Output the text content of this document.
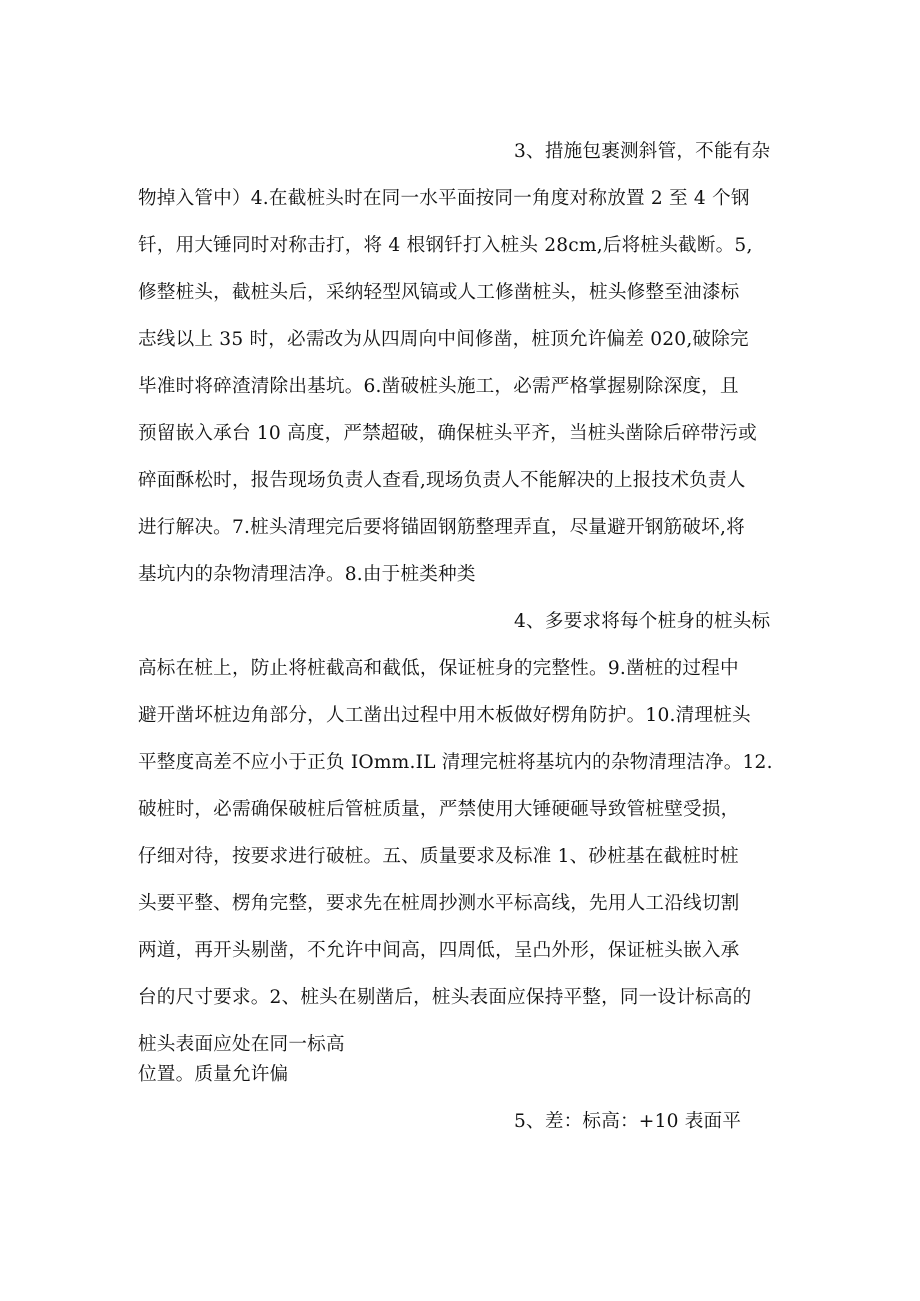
3、措施包裹测斜管，不能有杂
物掉入管中）4.在截桩头时在同一水平面按同一角度对称放置 2 至 4 个钢
钎，用大锤同时对称击打，将 4 根钢钎打入桩头 28cm,后将桩头截断。5,
修整桩头，截桩头后，采纳轻型风镐或人工修凿桩头，桩头修整至油漆标
志线以上 35 时，必需改为从四周向中间修凿，桩顶允许偏差 020,破除完
毕准时将碎渣清除出基坑。6.凿破桩头施工，必需严格掌握剔除深度，且
预留嵌入承台 10 高度，严禁超破，确保桩头平齐，当桩头凿除后碎带污或
碎面酥松时，报告现场负责人查看,现场负责人不能解决的上报技术负责人
进行解决。7.桩头清理完后要将锚固钢筋整理弄直，尽量避开钢筋破坏,将
基坑内的杂物清理洁净。8.由于桩类种类
4、多要求将每个桩身的桩头标
高标在桩上，防止将桩截高和截低，保证桩身的完整性。9.凿桩的过程中
避开凿坏桩边角部分，人工凿出过程中用木板做好楞角防护。10.清理桩头
平整度高差不应小于正负 IOmm.IL 清理完桩将基坑内的杂物清理洁净。12.
破桩时，必需确保破桩后管桩质量，严禁使用大锤硬砸导致管桩壁受损，
仔细对待，按要求进行破桩。五、质量要求及标准 1、砂桩基在截桩时桩
头要平整、楞角完整，要求先在桩周抄测水平标高线，先用人工沿线切割
两道，再开头剔凿，不允许中间高，四周低，呈凸外形，保证桩头嵌入承
台的尺寸要求。2、桩头在剔凿后，桩头表面应保持平整，同一设计标高的
桩头表面应处在同一标高
位置。质量允许偏
5、差：标高：+10 表面平
